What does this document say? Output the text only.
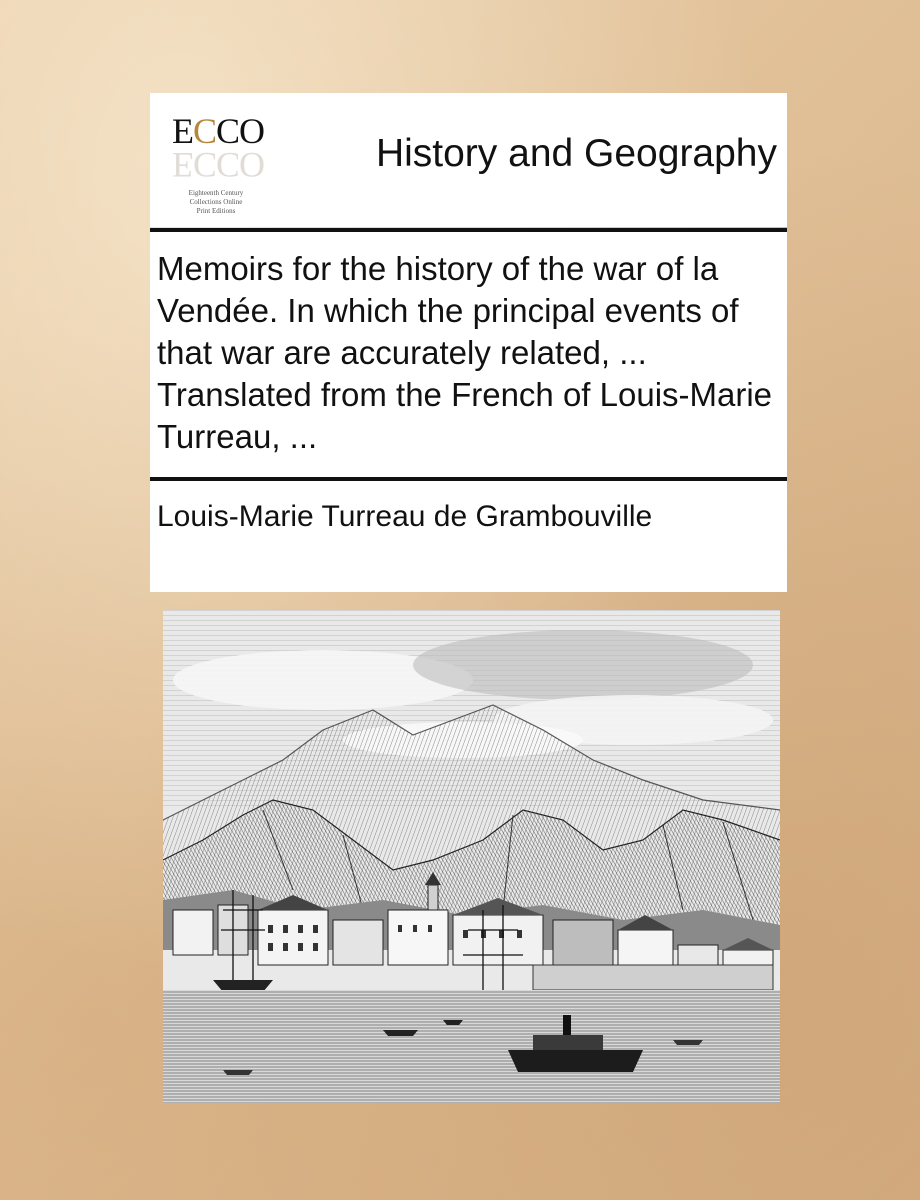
ECCO
ECCO
Eighteenth Century
Collections Online
Print Editions
History and Geography
Memoirs for the history of the war of la Vendée. In which the principal events of that war are accurately related, ... Translated from the French of Louis-Marie Turreau, ...
Louis-Marie Turreau de Grambouville
